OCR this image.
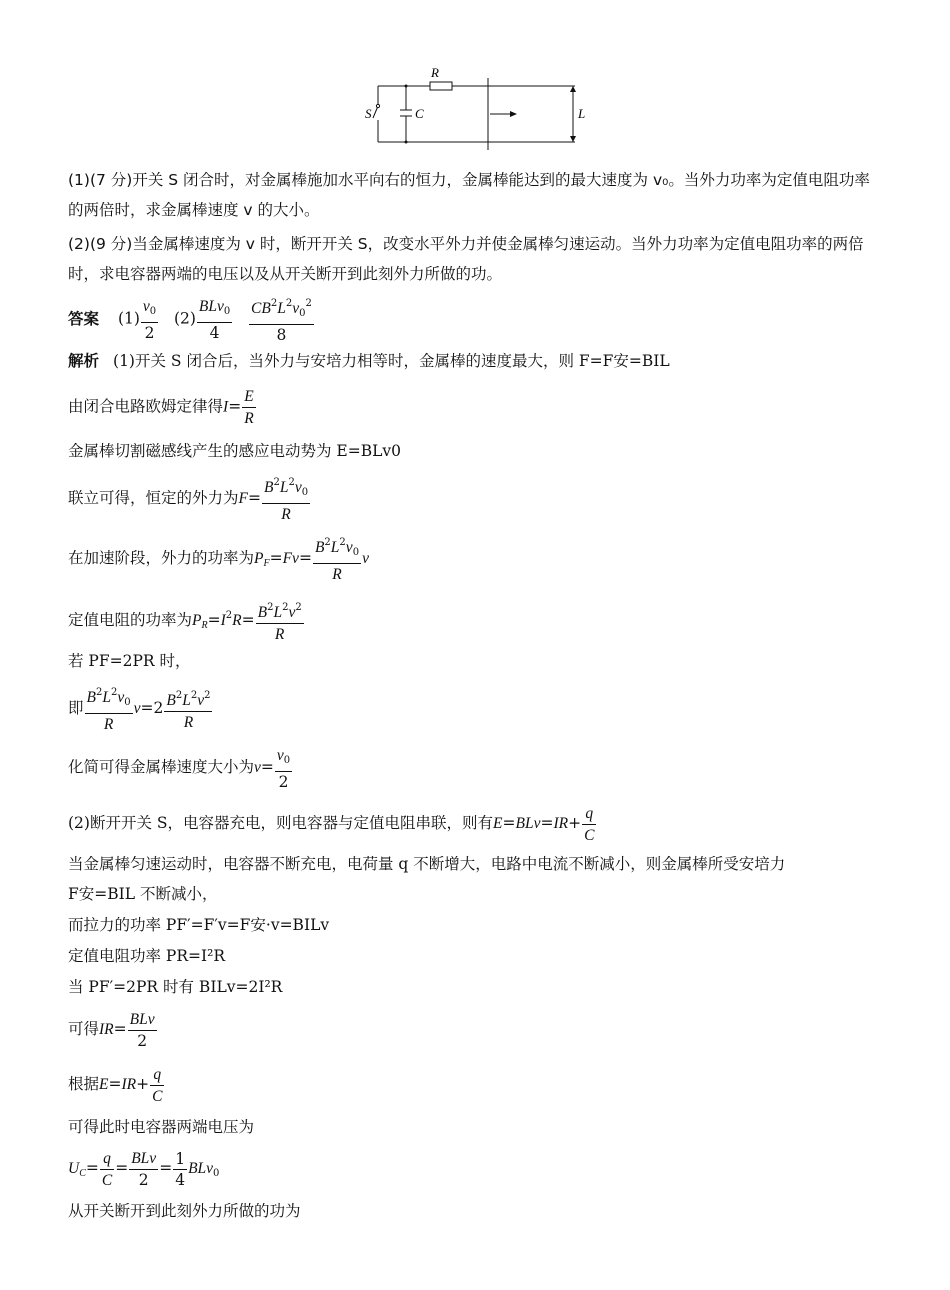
R
C
S	L
(1)(7 分)开关 S 闭合时，对金属棒施加水平向右的恒力，金属棒能达到的最大速度为 v₀。当外力功率为定值电阻功率的两倍时，求金属棒速度 v 的大小。
(2)(9 分)当金属棒速度为 v 时，断开开关 S，改变水平外力并使金属棒匀速运动。当外力功率为定值电阻功率的两倍时，求电容器两端的电压以及从开关断开到此刻外力所做的功。
答案 $(1) \frac{v_0}{2} (2) \frac{BLv_0}{4}$
$\frac{CB^2L^2v_0^2}{8}$
解析 (1)开关 S 闭合后，当外力与安培力相等时，金属棒的速度最大，则 F=F安=BIL
由闭合电路欧姆定律得$I= \frac{E}{R}$
金属棒切割磁感线产生的感应电动势为 E=BLv0
联立可得，恒定的外力为$F= \frac{B^2L^2v_0}{R}$
在加速阶段，外力的功率为$P_F=Fv= \frac{B^2L^2v_0}{R}$ v
定值电阻的功率为$P_R=I^2R= \frac{B^2L^2v^2}{R}$
若 PF=2PR 时，
即 $\frac{B^2L^2v_0}{R} v=2 \frac{B^2L^2v^2}{R}$
化简可得金属棒速度大小为$v= \frac{v_0}{2}$
(2)断开开关 S，电容器充电，则电容器与定值电阻串联，则有$E=BLv=IR+ \frac{q}{C}$
当金属棒匀速运动时，电容器不断充电，电荷量 q 不断增大，电路中电流不断减小，则金属棒所受安培力
F安=BIL 不断减小，
而拉力的功率 PF′=F′v=F安·v=BILv
定值电阻功率 PR=I²R
当 PF′=2PR 时有 BILv=2I²R
可得$IR= \frac{\text{BLv}}{2}$
根据$E=IR+ \frac{q}{C}$
可得此时电容器两端电压为
$U_C= \frac{q}{C} = \frac{\text{BLv}}{2} = \frac{1}{4} BLv_0$
从开关断开到此刻外力所做的功为
